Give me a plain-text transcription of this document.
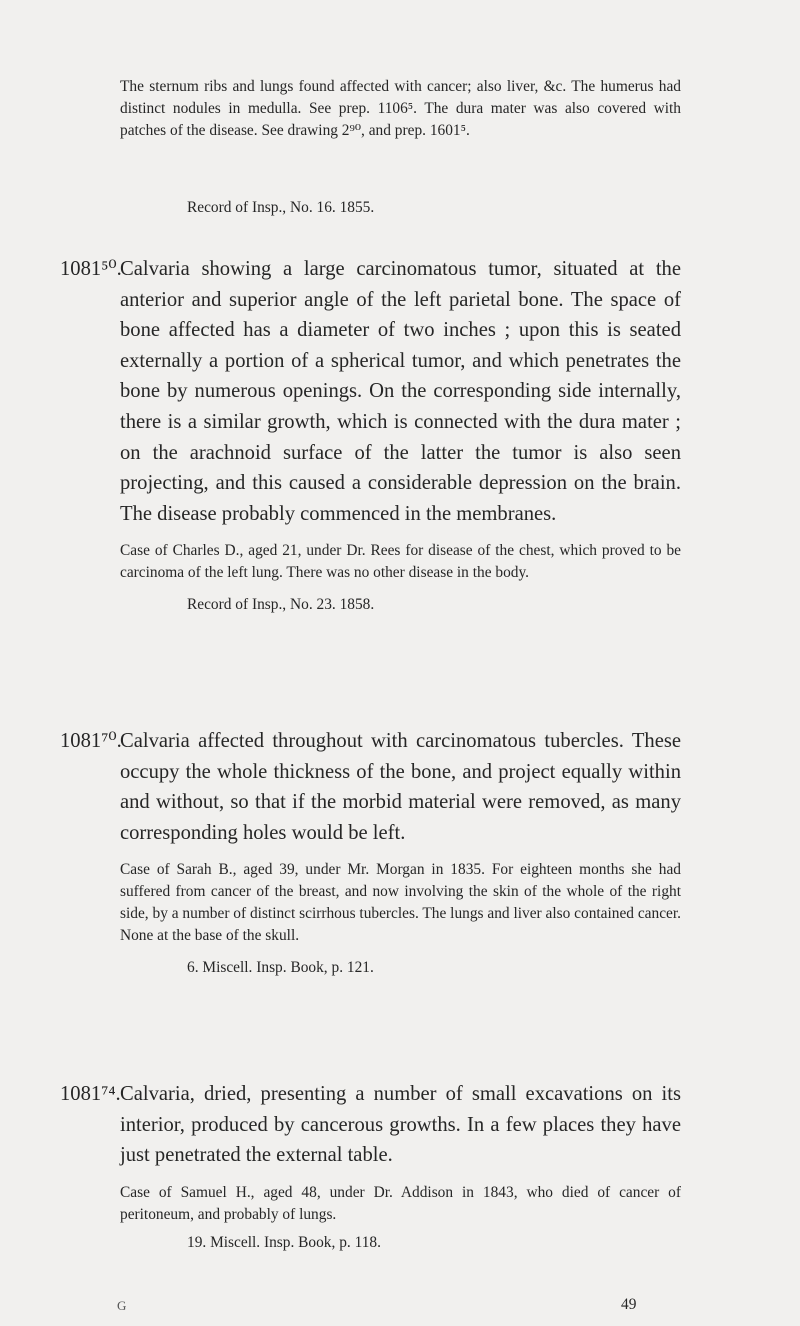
The sternum ribs and lungs found affected with cancer; also liver, &c. The humerus had distinct nodules in medulla. See prep. 1106⁵. The dura mater was also covered with patches of the disease. See drawing 2⁹⁰, and prep. 1601⁵.

Record of Insp., No. 16. 1855.

1081⁵⁰.

Calvaria showing a large carcinomatous tumor, situated at the anterior and superior angle of the left parietal bone. The space of bone affected has a diameter of two inches ; upon this is seated externally a portion of a spherical tumor, and which penetrates the bone by numerous openings. On the corresponding side internally, there is a similar growth, which is connected with the dura mater ; on the arachnoid surface of the latter the tumor is also seen projecting, and this caused a considerable depression on the brain. The disease probably commenced in the membranes.

Case of Charles D., aged 21, under Dr. Rees for disease of the chest, which proved to be carcinoma of the left lung. There was no other disease in the body.

Record of Insp., No. 23. 1858.

1081⁷⁰.

Calvaria affected throughout with carcinomatous tubercles. These occupy the whole thickness of the bone, and project equally within and without, so that if the morbid material were removed, as many corresponding holes would be left.

Case of Sarah B., aged 39, under Mr. Morgan in 1835. For eighteen months she had suffered from cancer of the breast, and now involving the skin of the whole of the right side, by a number of distinct scirrhous tubercles. The lungs and liver also contained cancer. None at the base of the skull.

6. Miscell. Insp. Book, p. 121.

1081⁷⁴. Calvaria, dried, presenting a number of small excavations on its interior, produced by cancerous growths. In a few places they have just penetrated the external table.

Case of Samuel H., aged 48, under Dr. Addison in 1843, who died of cancer of peritoneum, and probably of lungs.

19. Miscell. Insp. Book, p. 118.

G	49
